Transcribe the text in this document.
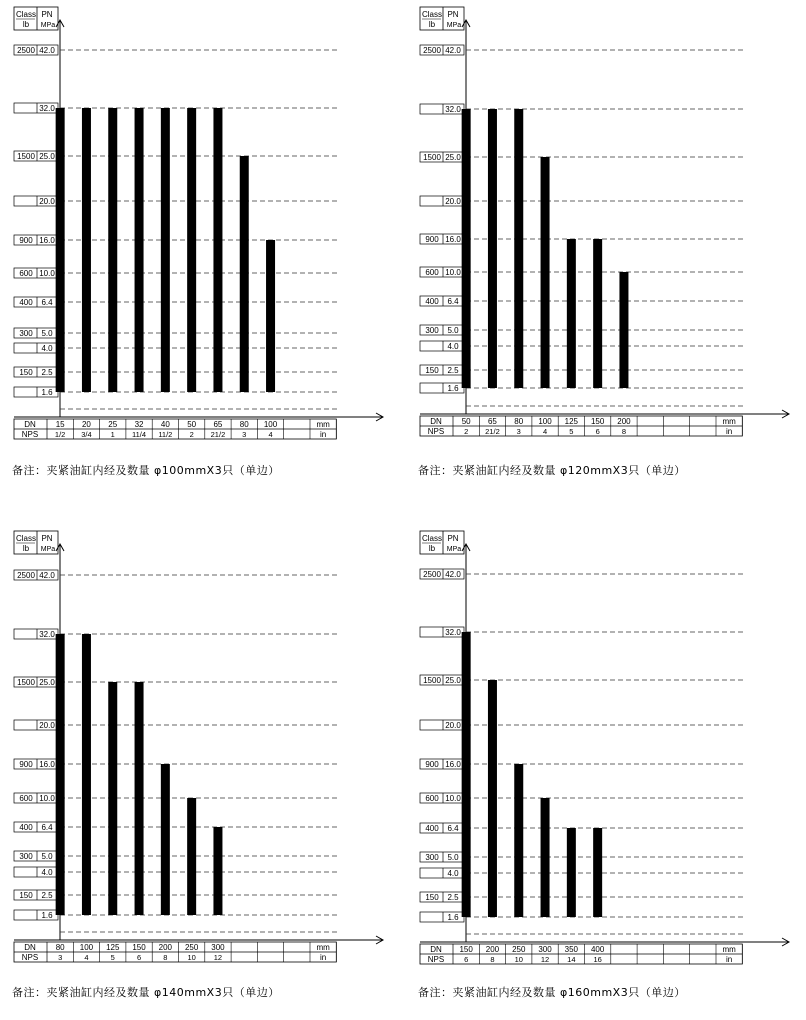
Class
lb
PN
MPa
2500 42.0
32.0
1500 25.0
20.0
900 16.0
600 10.0
400 6.4
300 5.0
4.0
150 2.5
1.6
DN
NPS
15 20 25 32 40 50 65 80 100
1/2 3/4	1 11/4 11/2 2 21/2 3	4
mm
in
Class
lb
PN
MPa
2500 42.0
32.0
1500 25.0
20.0
900 16.0
600 10.0
400 6.4
300 5.0
4.0
150 2.5
1.6
DN
NPS
50 65 80 100 125 150 200
2 21/2 3	4	5	6	8
mm
in
Class
lb
PN
MPa
2500 42.0
32.0
1500 25.0
20.0
900 16.0
600 10.0
400 6.4
300 5.0
4.0
150 2.5
1.6
DN
NPS
80 100 125 150 200 250 300
3	4	5	6	8	10 12
mm
in
Class
lb
PN
MPa
2500 42.0
32.0
1500 25.0
20.0
900 16.0
600 10.0
400 6.4
300 5.0
4.0
150 2.5
1.6
DN
NPS
150 200 250 300 350 400
6	8	10 12 14 16
mm
in
备注：夹紧油缸内经及数量 φ100mmX3只（单边）	备注：夹紧油缸内经及数量 φ120mmX3只（单边）
备注：夹紧油缸内经及数量 φ140mmX3只（单边）	备注：夹紧油缸内经及数量 φ160mmX3只（单边）
